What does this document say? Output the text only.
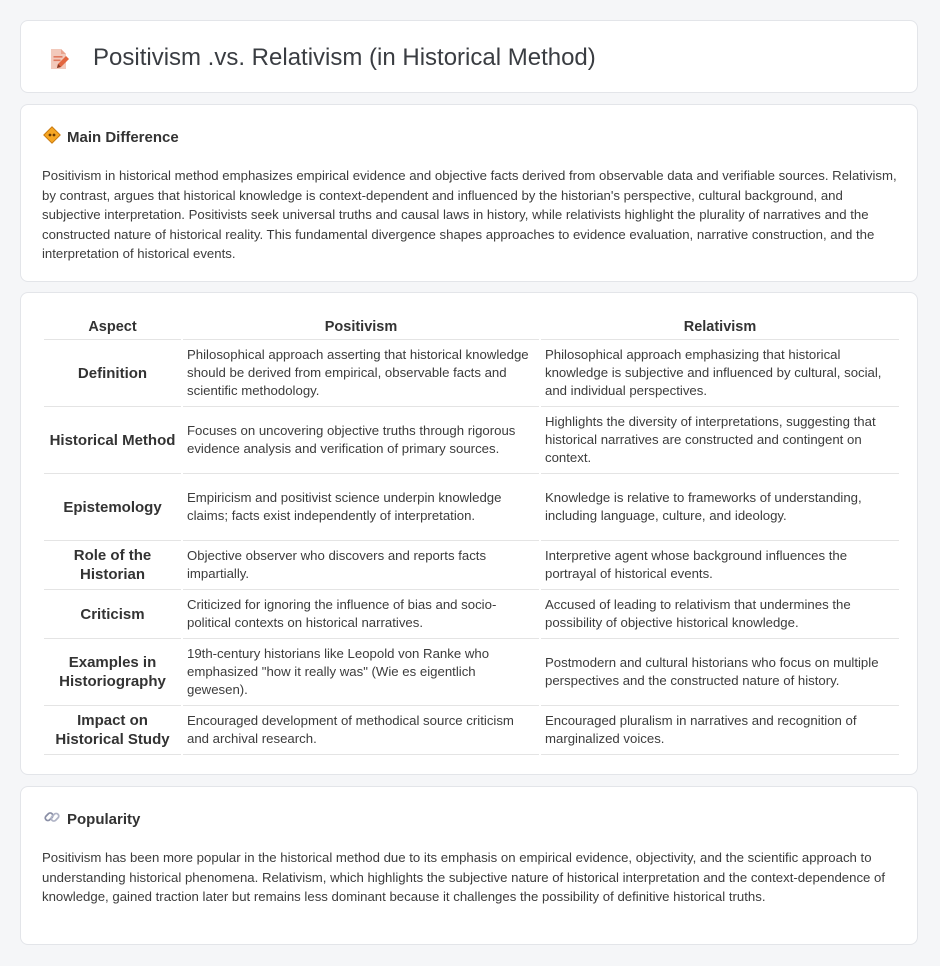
Positivism .vs. Relativism (in Historical Method)
Main Difference

Positivism in historical method emphasizes empirical evidence and objective facts derived from observable data and verifiable sources. Relativism, by contrast, argues that historical knowledge is context-dependent and influenced by the historian's perspective, cultural background, and subjective interpretation. Positivists seek universal truths and causal laws in history, while relativists highlight the plurality of narratives and the constructed nature of historical reality. This fundamental divergence shapes approaches to evidence evaluation, narrative construction, and the interpretation of historical events.

Aspect	Positivism	Relativism
Definition	Philosophical approach asserting that historical knowledge should be derived from empirical, observable facts and scientific methodology.	Philosophical approach emphasizing that historical knowledge is subjective and influenced by cultural, social, and individual perspectives.
Historical Method	Focuses on uncovering objective truths through rigorous evidence analysis and verification of primary sources.	Highlights the diversity of interpretations, suggesting that historical narratives are constructed and contingent on context.
Epistemology	Empiricism and positivist science underpin knowledge claims; facts exist independently of interpretation.	Knowledge is relative to frameworks of understanding, including language, culture, and ideology.
Role of the Historian	Objective observer who discovers and reports facts impartially.	Interpretive agent whose background influences the portrayal of historical events.
Criticism	Criticized for ignoring the influence of bias and socio-political contexts on historical narratives.	Accused of leading to relativism that undermines the possibility of objective historical knowledge.
Examples in Historiography	19th-century historians like Leopold von Ranke who emphasized "how it really was" (Wie es eigentlich gewesen).	Postmodern and cultural historians who focus on multiple perspectives and the constructed nature of history.
Impact on Historical Study	Encouraged development of methodical source criticism and archival research.	Encouraged pluralism in narratives and recognition of marginalized voices.
Popularity

Positivism has been more popular in the historical method due to its emphasis on empirical evidence, objectivity, and the scientific approach to understanding historical phenomena. Relativism, which highlights the subjective nature of historical interpretation and the context-dependence of knowledge, gained traction later but remains less dominant because it challenges the possibility of definitive historical truths.
